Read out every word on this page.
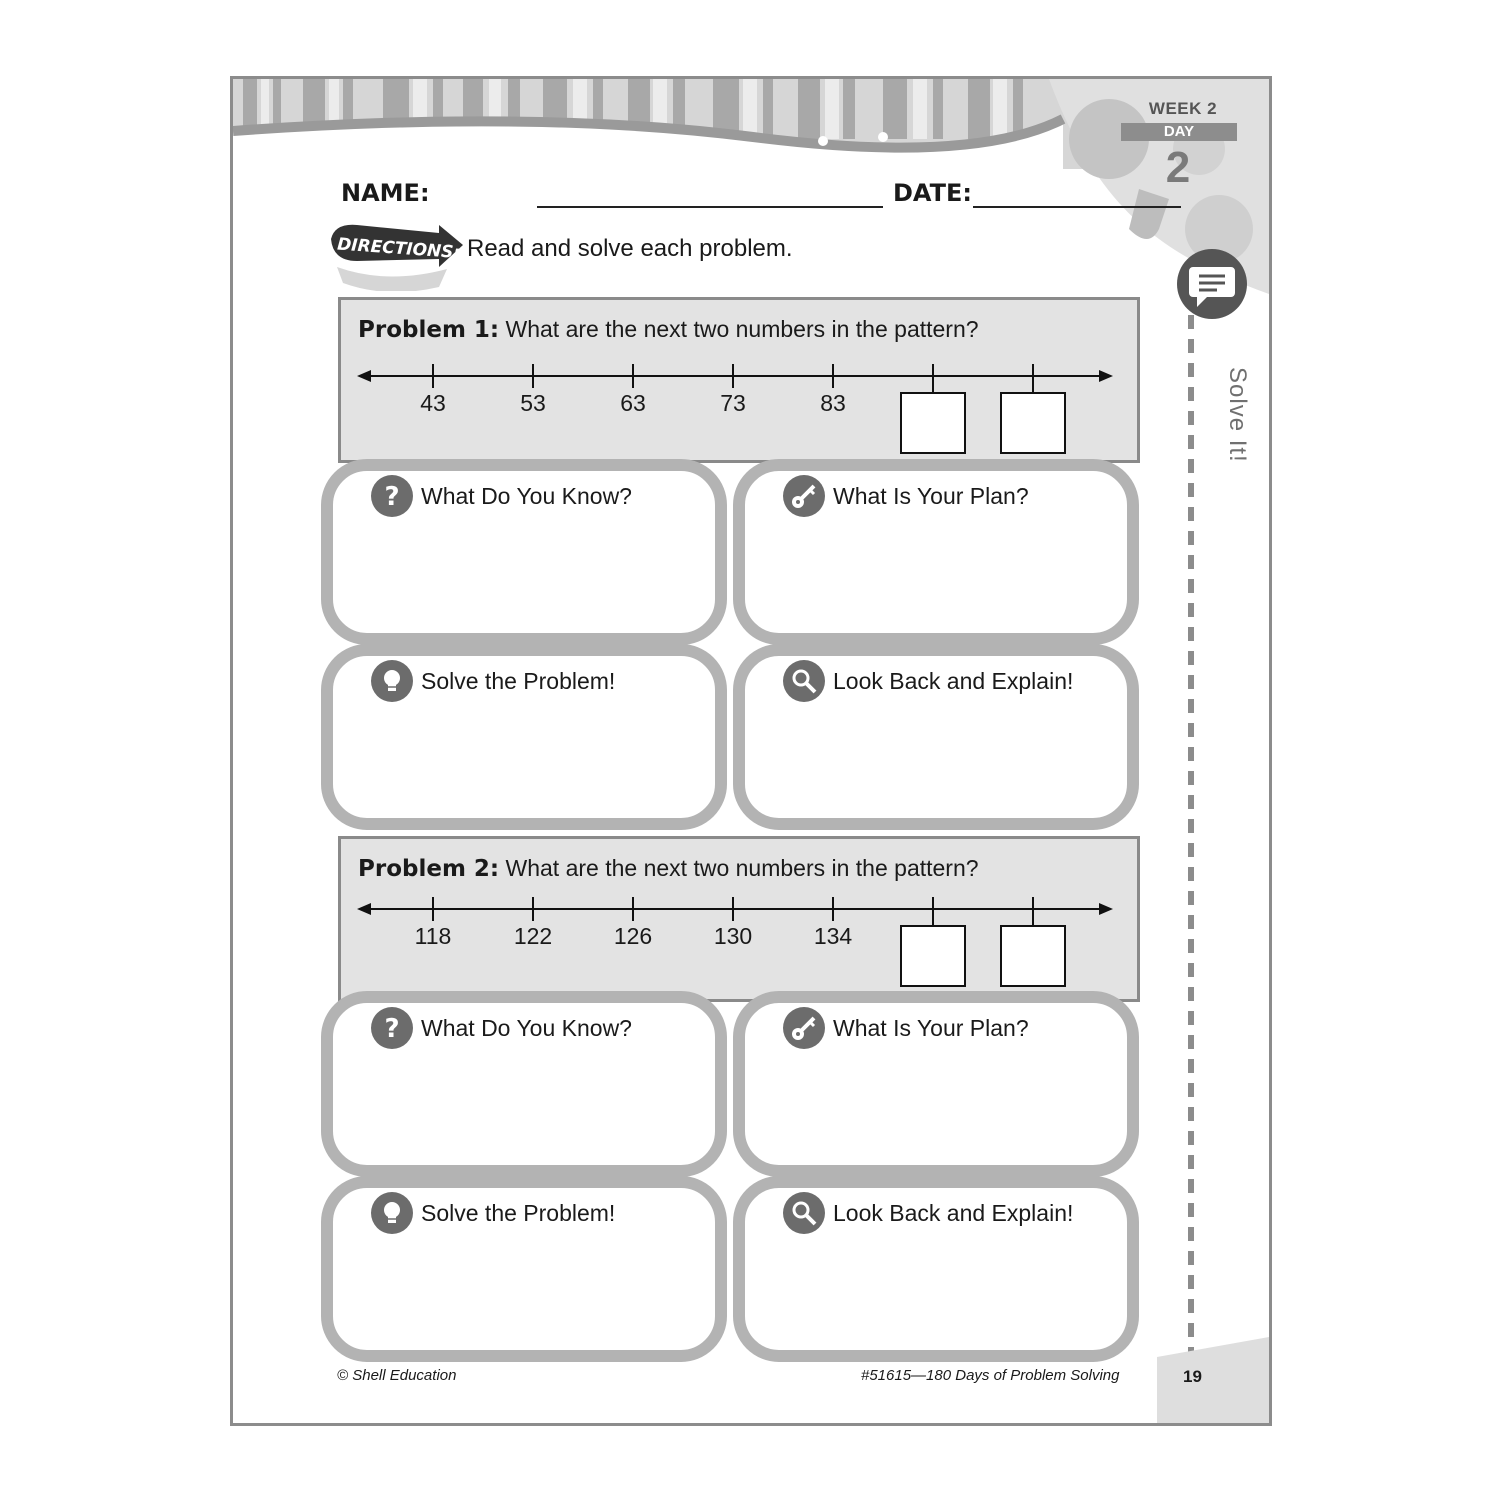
WEEK 2
DAY
2
Solve It!
NAME:	DATE:
DIRECTIONS: Read and solve each problem.
Problem 1: What are the next two numbers in the pattern?
43	53	63	73	83
? What Do You Know?	What Is Your Plan?
Solve the Problem!	Look Back and Explain!
Problem 2: What are the next two numbers in the pattern?
118	122	126	130	134
? What Do You Know?	What Is Your Plan?
Solve the Problem!	Look Back and Explain!
© Shell Education	#51615—180 Days of Problem Solving	19
